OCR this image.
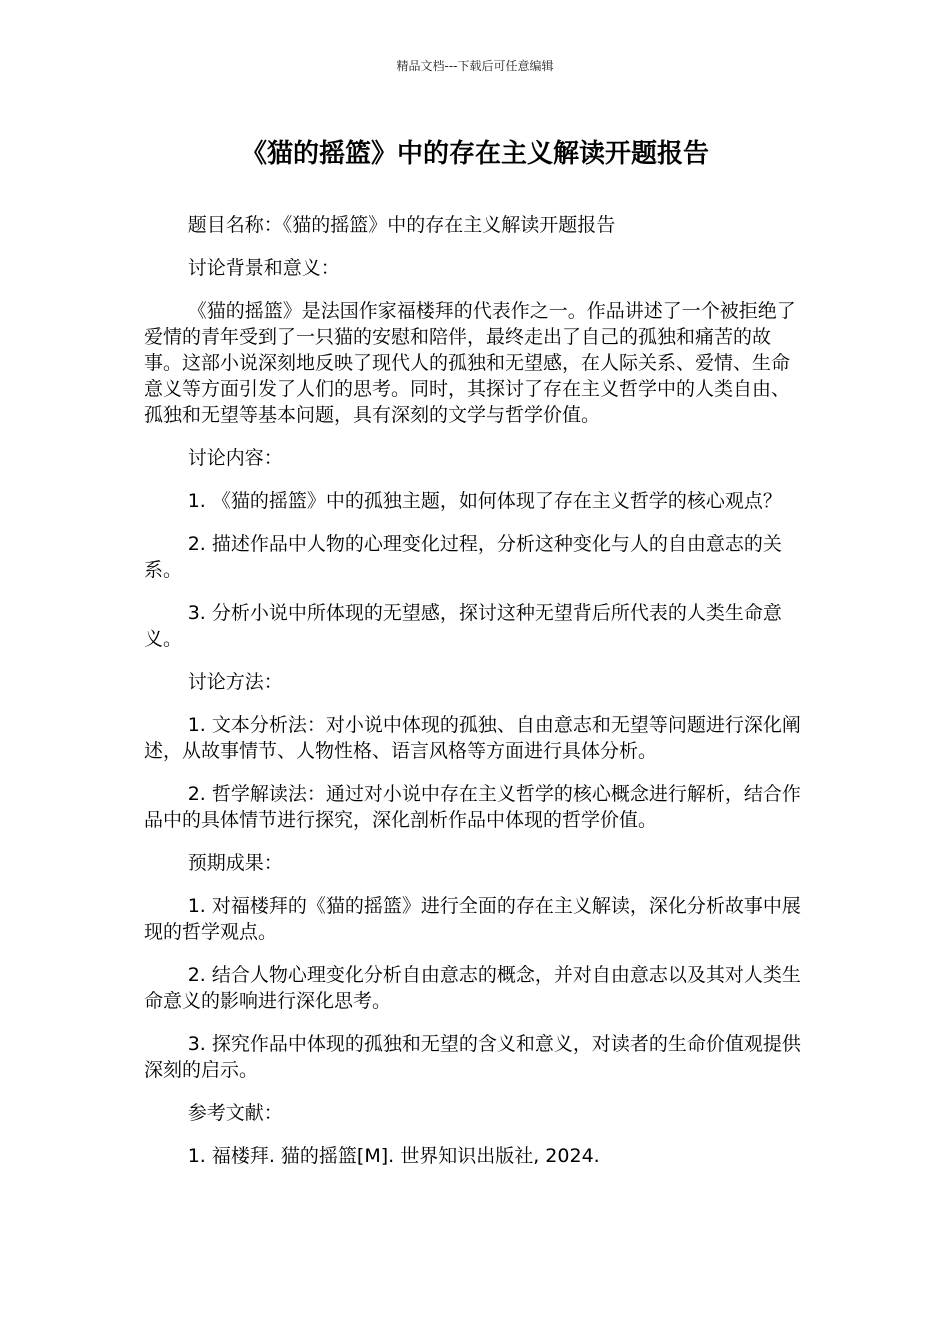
精品文档---下载后可任意编辑
《猫的摇篮》中的存在主义解读开题报告

题目名称：《猫的摇篮》中的存在主义解读开题报告

讨论背景和意义：

《猫的摇篮》是法国作家福楼拜的代表作之一。作品讲述了一个被拒绝了爱情的青年受到了一只猫的安慰和陪伴，最终走出了自己的孤独和痛苦的故事。这部小说深刻地反映了现代人的孤独和无望感，在人际关系、爱情、生命意义等方面引发了人们的思考。同时，其探讨了存在主义哲学中的人类自由、孤独和无望等基本问题，具有深刻的文学与哲学价值。

讨论内容：

1. 《猫的摇篮》中的孤独主题，如何体现了存在主义哲学的核心观点？

2. 描述作品中人物的心理变化过程，分析这种变化与人的自由意志的关系。

3. 分析小说中所体现的无望感，探讨这种无望背后所代表的人类生命意义。

讨论方法：

1. 文本分析法：对小说中体现的孤独、自由意志和无望等问题进行深化阐述，从故事情节、人物性格、语言风格等方面进行具体分析。

2. 哲学解读法：通过对小说中存在主义哲学的核心概念进行解析，结合作品中的具体情节进行探究，深化剖析作品中体现的哲学价值。

预期成果：

1. 对福楼拜的《猫的摇篮》进行全面的存在主义解读，深化分析故事中展现的哲学观点。

2. 结合人物心理变化分析自由意志的概念，并对自由意志以及其对人类生命意义的影响进行深化思考。

3. 探究作品中体现的孤独和无望的含义和意义，对读者的生命价值观提供深刻的启示。

参考文献：

1. 福楼拜. 猫的摇篮[M]. 世界知识出版社, 2024.
